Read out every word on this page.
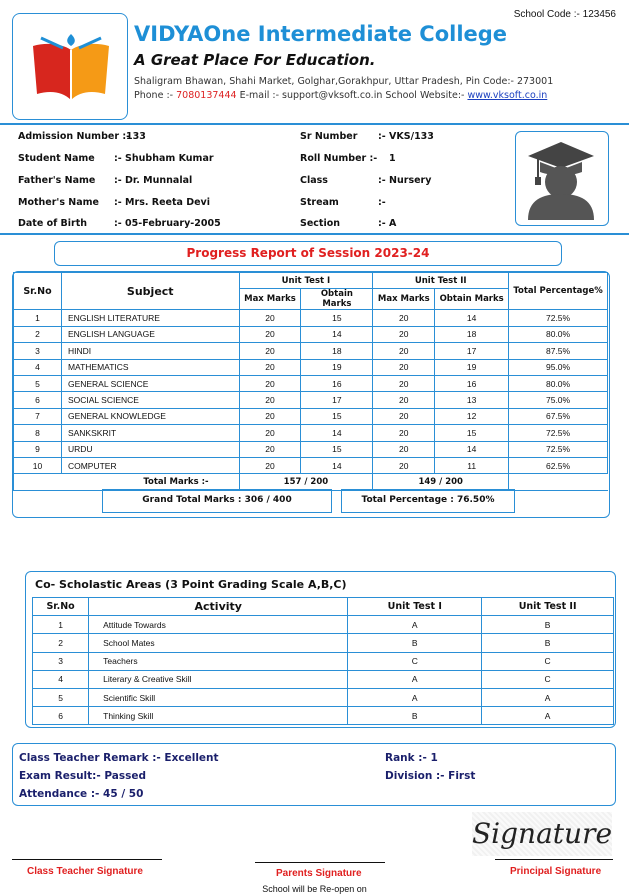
School Code :- 123456
VIDYAOne Intermediate College
A Great Place For Education.
Shaligram Bhawan, Shahi Market, Golghar,Gorakhpur, Uttar Pradesh, Pin Code:- 273001
Phone :- 7080137444 E-mail :- support@vksoft.co.in School Website:- www.vksoft.co.in
Admission Number :-
133
Student Name :- Shubham Kumar
Father's Name :- Dr. Munnalal
Mother's Name :- Mrs. Reeta Devi
Date of Birth	:- 05-February-2005
Sr Number :- VKS/133
Roll Number :- 1
Class	:- Nursery
Stream	:-
Section	:- A
Progress Report of Session 2023-24
Sr.No	Subject	Unit Test I		Unit Test II		Total Percentage%
		Max Marks	Obtain Marks	Max Marks	Obtain Marks	
1	ENGLISH LITERATURE	20	15	20	14	72.5%
2	ENGLISH LANGUAGE	20	14	20	18	80.0%
3	HINDI	20	18	20	17	87.5%
4	MATHEMATICS	20	19	20	19	95.0%
5	GENERAL SCIENCE	20	16	20	16	80.0%
6	SOCIAL SCIENCE	20	17	20	13	75.0%
7	GENERAL KNOWLEDGE	20	15	20	12	67.5%
8	SANKSKRIT	20	14	20	15	72.5%
9	URDU	20	15	20	14	72.5%
10	COMPUTER	20	14	20	11	62.5%
Total Marks :-		157 / 200		149 / 200		
Grand Total Marks : 306 / 400	Total Percentage : 76.50%
Co- Scholastic Areas (3 Point Grading Scale A,B,C)
Sr.No	Activity	Unit Test I	Unit Test II
1	Attitude Towards	A	B
2	School Mates	B	B
3	Teachers	C	C
4	Literary & Creative Skill	A	C
5	Scientific Skill	A	A
6	Thinking Skill	B	A
Class Teacher Remark :- Excellent
Exam Result:- Passed
Attendance :- 45 / 50
Rank :- 1
Division :- First
Signature
Class Teacher Signature	Parents Signature	Principal Signature
School will be Re-open on
